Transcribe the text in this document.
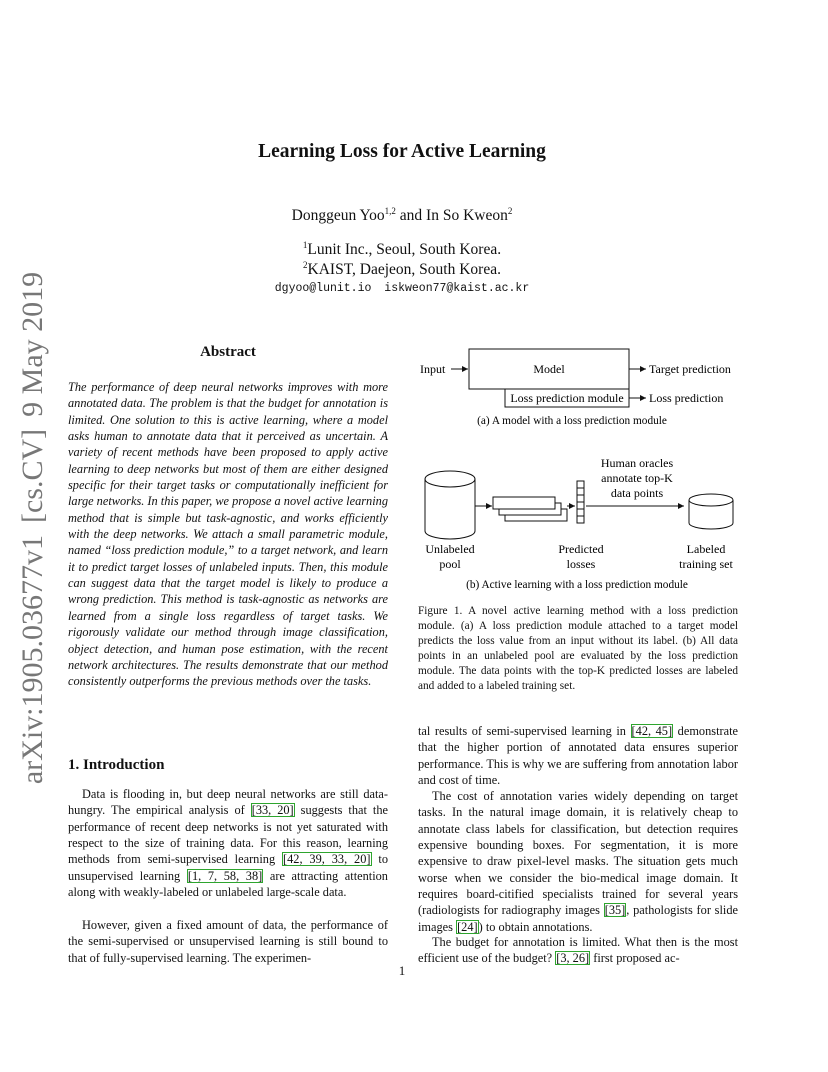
arXiv:1905.03677v1
[cs.CV]
9 May 2019
Learning Loss for Active Learning
Donggeun Yoo$^{1,2}$ and In So Kweon$^2$
$^1$Lunit Inc., Seoul, South Korea.
$^2$KAIST, Daejeon, South Korea.
dgyoo@lunit.io iskweon77@kaist.ac.kr
Abstract
The performance of deep neural networks improves with more annotated data. The problem is that the budget for annotation is limited. One solution to this is active learning, where a model asks human to annotate data that it perceived as uncertain. A variety of recent methods have been proposed to apply active learning to deep networks but most of them are either designed specific for their target tasks or computationally inefficient for large networks. In this paper, we propose a novel active learning method that is simple but task-agnostic, and works efficiently with the deep networks. We attach a small parametric module, named “loss prediction module,” to a target network, and learn it to predict target losses of unlabeled inputs. Then, this module can suggest data that the target model is likely to produce a wrong prediction. This method is task-agnostic as networks are learned from a single loss regardless of target tasks. We rigorously validate our method through image classification, object detection, and human pose estimation, with the recent network architectures. The results demonstrate that our method consistently outperforms the previous methods over the tasks.
Input	Model
Loss prediction module
Target prediction
Loss prediction
(a) A model with a loss prediction module
Human oracles
annotate top-K
data points
Unlabeled
pool
Predicted
losses
Labeled
training set
(b) Active learning with a loss prediction module
Figure 1. A novel active learning method with a loss prediction module. (a) A loss prediction module attached to a target model predicts the loss value from an input without its label. (b) All data points in an unlabeled pool are evaluated by the loss prediction module. The data points with the top-K predicted losses are labeled and added to a labeled training set.
1. Introduction
Data is flooding in, but deep neural networks are still data-hungry. The empirical analysis of [33, 20] suggests that the performance of recent deep networks is not yet saturated with respect to the size of training data. For this reason, learning methods from semi-supervised learning [42, 39, 33, 20] to unsupervised learning [1, 7, 58, 38] are attracting attention along with weakly-labeled or unlabeled large-scale data.
However, given a fixed amount of data, the performance of the semi-supervised or unsupervised learning is still bound to that of fully-supervised learning. The experimen-
tal results of semi-supervised learning in [42, 45] demonstrate that the higher portion of annotated data ensures superior performance. This is why we are suffering from annotation labor and cost of time.
The cost of annotation varies widely depending on target tasks. In the natural image domain, it is relatively cheap to annotate class labels for classification, but detection requires expensive bounding boxes. For segmentation, it is more expensive to draw pixel-level masks. The situation gets much worse when we consider the bio-medical image domain. It requires board-citified specialists trained for several years (radiologists for radiography images [35], pathologists for slide images [24]) to obtain annotations.
The budget for annotation is limited. What then is the most efficient use of the budget? [3, 26] first proposed ac-
1
